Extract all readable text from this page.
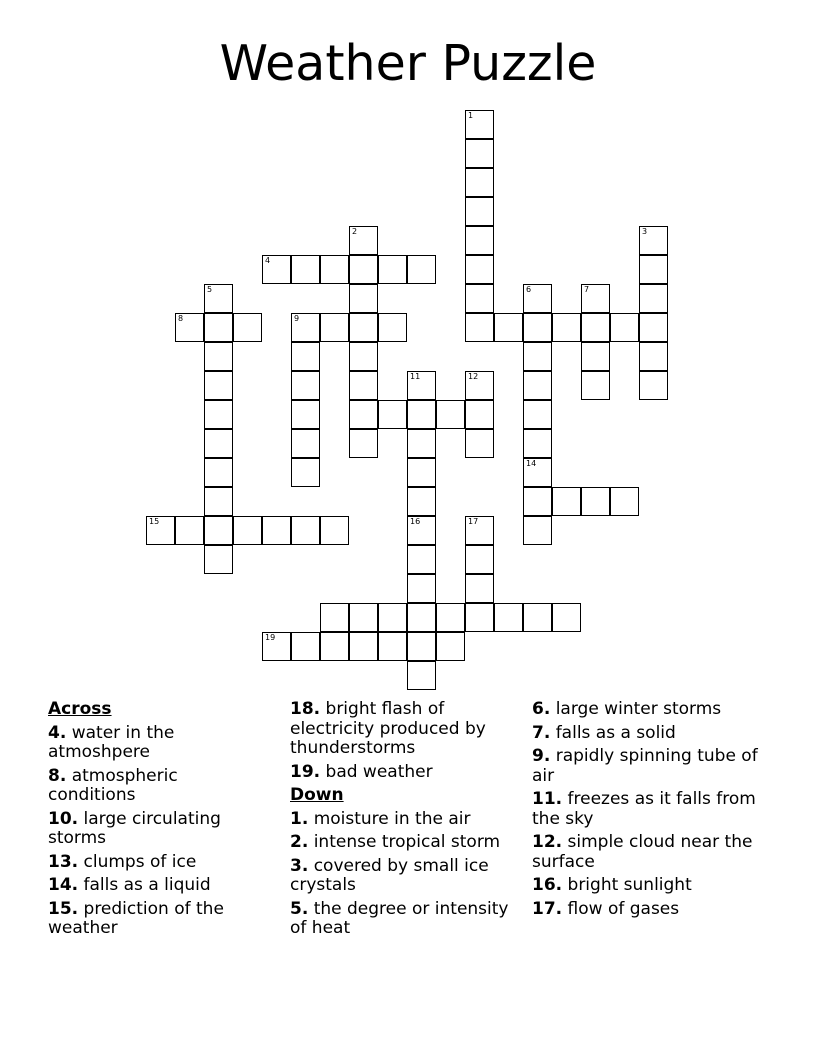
Weather Puzzle
1
2	3
4
5	6
14
7
8	9
11	12
15	16	17
19
Across
4. water in the atmoshpere
8. atmospheric conditions
10. large circulating storms
13. clumps of ice
14. falls as a liquid
15. prediction of the weather
18. bright flash of electricity produced by thunderstorms
19. bad weather
Down
1. moisture in the air
2. intense tropical storm
3. covered by small ice crystals
5. the degree or intensity of heat
6. large winter storms
7. falls as a solid
9. rapidly spinning tube of air
11. freezes as it falls from the sky
12. simple cloud near the surface
16. bright sunlight
17. flow of gases
